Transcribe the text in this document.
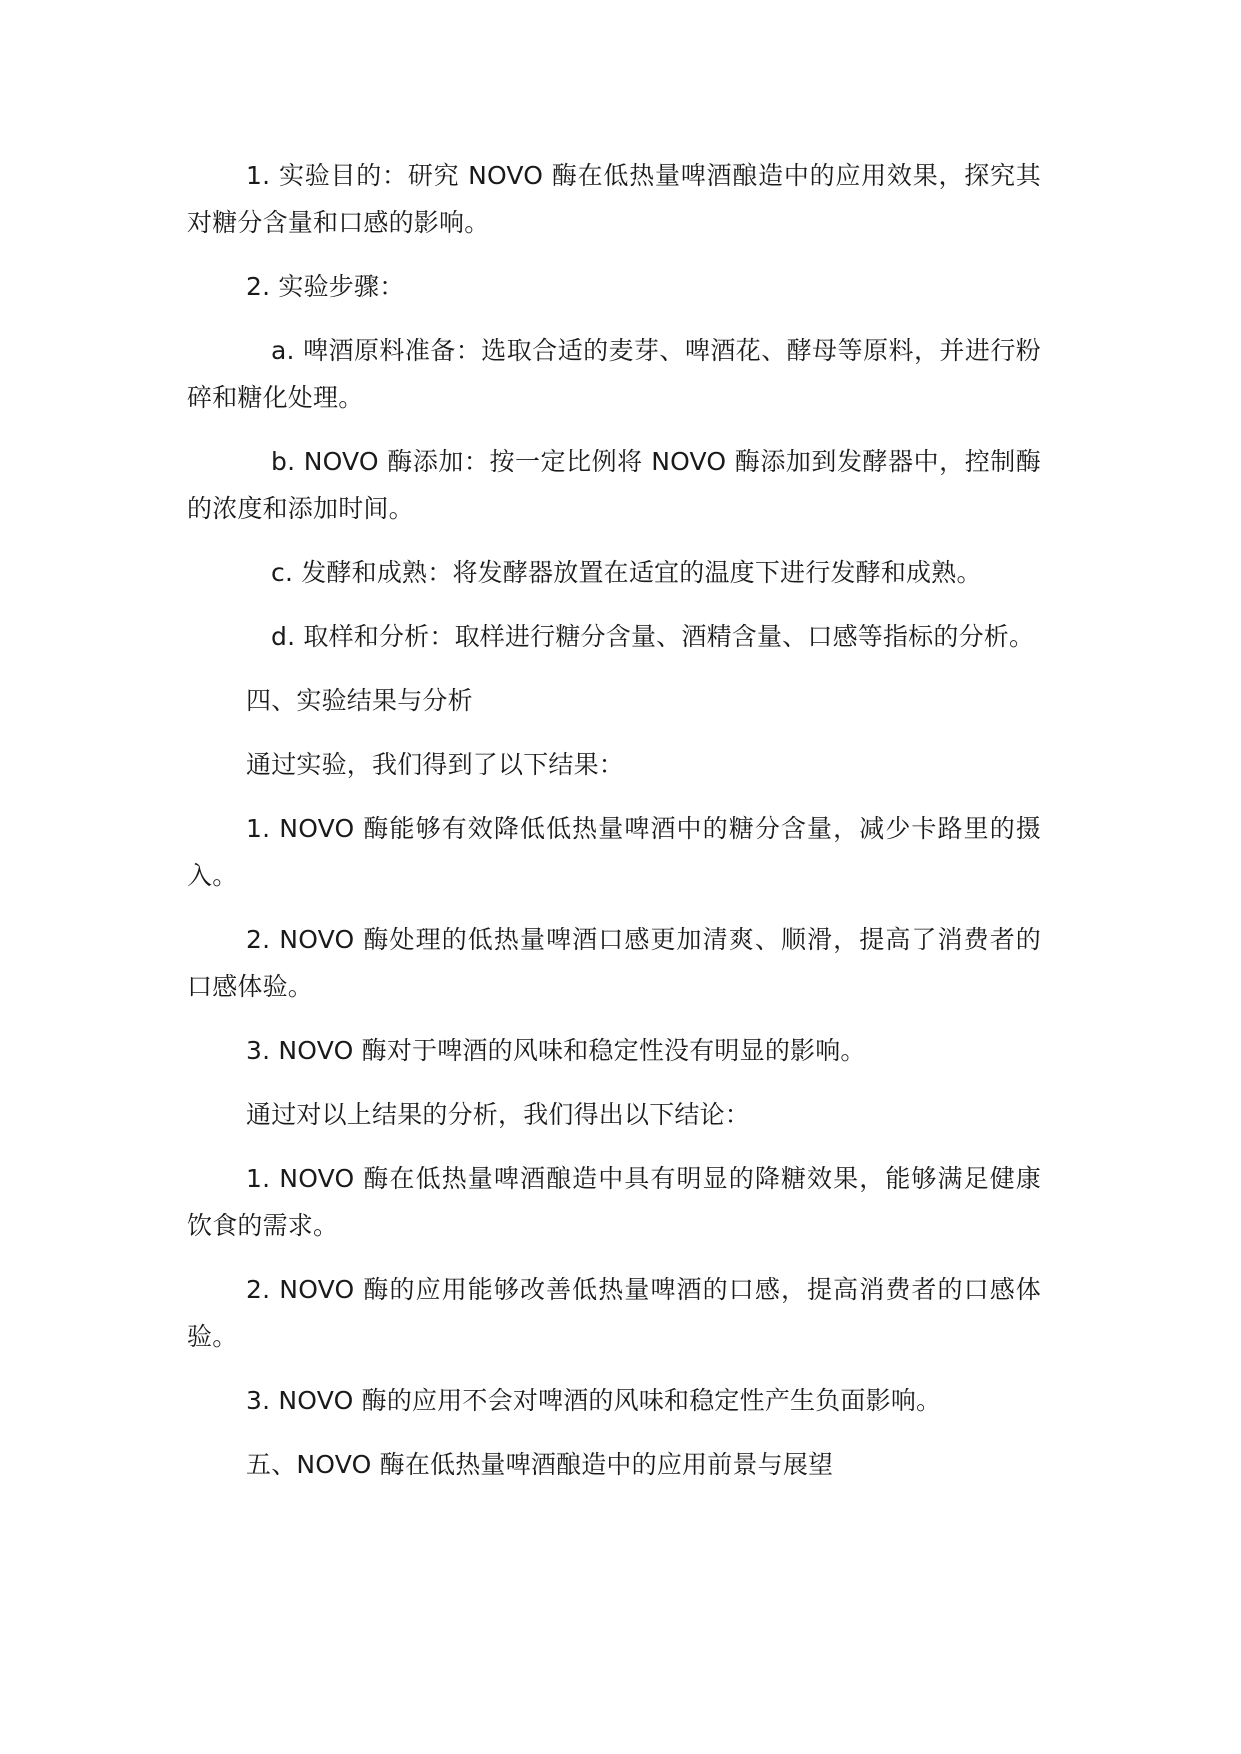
1. 实验目的：研究 NOVO 酶在低热量啤酒酿造中的应用效果，探究其对糖分含量和口感的影响。

2. 实验步骤：

a. 啤酒原料准备：选取合适的麦芽、啤酒花、酵母等原料，并进行粉碎和糖化处理。

b. NOVO 酶添加：按一定比例将 NOVO 酶添加到发酵器中，控制酶的浓度和添加时间。

c. 发酵和成熟：将发酵器放置在适宜的温度下进行发酵和成熟。

d. 取样和分析：取样进行糖分含量、酒精含量、口感等指标的分析。

四、实验结果与分析

通过实验，我们得到了以下结果：

1. NOVO 酶能够有效降低低热量啤酒中的糖分含量，减少卡路里的摄入。

2. NOVO 酶处理的低热量啤酒口感更加清爽、顺滑，提高了消费者的口感体验。

3. NOVO 酶对于啤酒的风味和稳定性没有明显的影响。

通过对以上结果的分析，我们得出以下结论：

1. NOVO 酶在低热量啤酒酿造中具有明显的降糖效果，能够满足健康饮食的需求。

2. NOVO 酶的应用能够改善低热量啤酒的口感，提高消费者的口感体验。

3. NOVO 酶的应用不会对啤酒的风味和稳定性产生负面影响。

五、NOVO 酶在低热量啤酒酿造中的应用前景与展望
